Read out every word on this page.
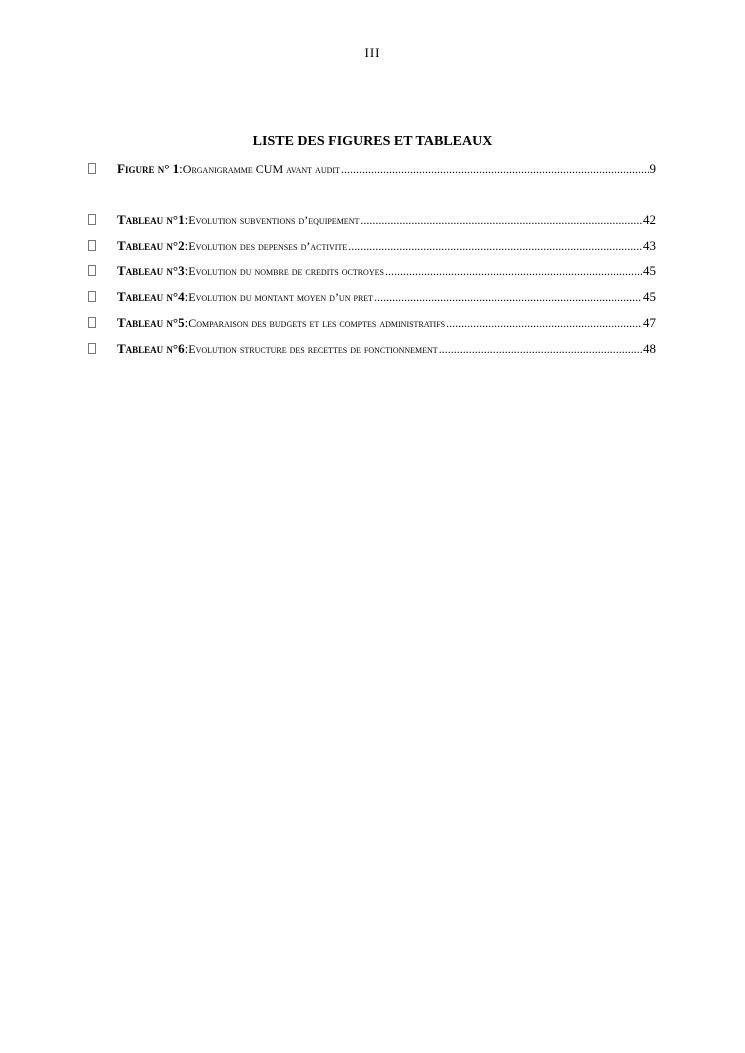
III
LISTE DES FIGURES ET TABLEAUX
Figure n° 1 : Organigramme CUM avant audit .....	9
Tableau n°1 : Evolution subventions d’equipement .....	42
Tableau n°2 : Evolution des depenses d’activite .....	43
Tableau n°3 : Evolution du nombre de credits octroyes .....	45
Tableau n°4 : Evolution du montant moyen d’un pret .....	45
Tableau n°5 : Comparaison des budgets et les comptes administratifs .....	47
Tableau n°6 : Evolution structure des recettes de fonctionnement .....	48
